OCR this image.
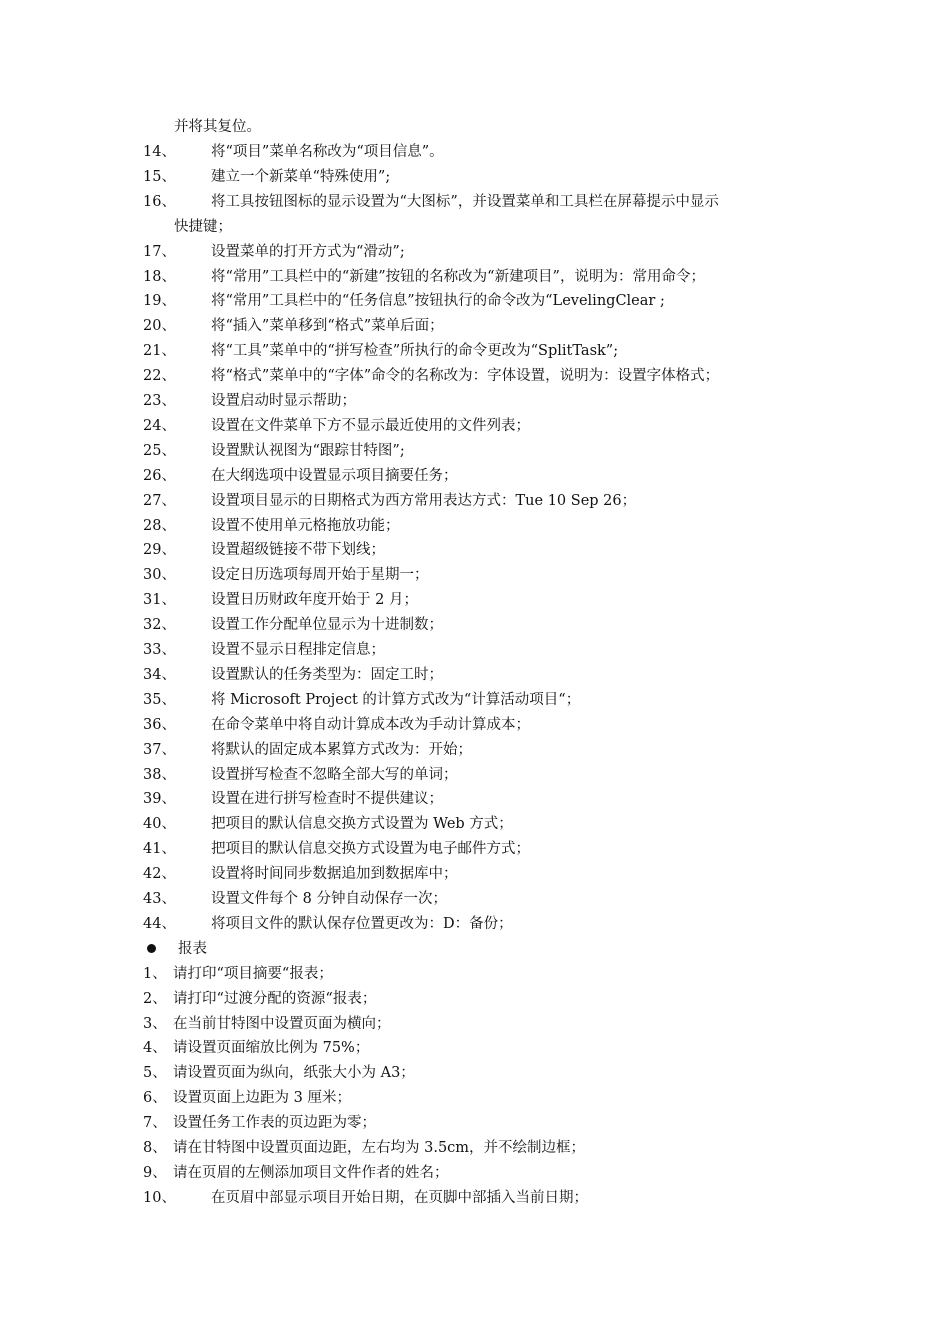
并将其复位。
14、 将“项目”菜单名称改为“项目信息”。
15、 建立一个新菜单“特殊使用”;
16、 将工具按钮图标的显示设置为“大图标”，并设置菜单和工具栏在屏幕提示中显示
快捷键；
17、 设置菜单的打开方式为“滑动”;
18、 将“常用”工具栏中的“新建”按钮的名称改为“新建项目”，说明为：常用命令；
19、 将“常用”工具栏中的“任务信息”按钮执行的命令改为“LevelingClear ;
20、 将“插入”菜单移到“格式”菜单后面；
21、 将“工具”菜单中的“拼写检查”所执行的命令更改为“SplitTask”;
22、 将“格式”菜单中的“字体”命令的名称改为：字体设置，说明为：设置字体格式；
23、 设置启动时显示帮助；
24、 设置在文件菜单下方不显示最近使用的文件列表；
25、 设置默认视图为“跟踪甘特图”;
26、 在大纲选项中设置显示项目摘要任务；
27、 设置项目显示的日期格式为西方常用表达方式：Tue 10 Sep 26；
28、 设置不使用单元格拖放功能；
29、 设置超级链接不带下划线；
30、 设定日历选项每周开始于星期一；
31、 设置日历财政年度开始于 2 月；
32、 设置工作分配单位显示为十进制数；
33、 设置不显示日程排定信息；
34、 设置默认的任务类型为：固定工时；
35、 将 Microsoft Project 的计算方式改为“计算活动项目“；
36、 在命令菜单中将自动计算成本改为手动计算成本；
37、 将默认的固定成本累算方式改为：开始；
38、 设置拼写检查不忽略全部大写的单词；
39、 设置在进行拼写检查时不提供建议；
40、 把项目的默认信息交换方式设置为 Web 方式；
41、 把项目的默认信息交换方式设置为电子邮件方式；
42、 设置将时间同步数据追加到数据库中；
43、 设置文件每个 8 分钟自动保存一次；
44、 将项目文件的默认保存位置更改为：D：备份；
报表
1、 请打印“项目摘要“报表；
2、 请打印“过渡分配的资源“报表；
3、 在当前甘特图中设置页面为横向；
4、 请设置页面缩放比例为 75%；
5、 请设置页面为纵向，纸张大小为 A3；
6、 设置页面上边距为 3 厘米；
7、 设置任务工作表的页边距为零；
8、 请在甘特图中设置页面边距，左右均为 3.5cm，并不绘制边框；
9、 请在页眉的左侧添加项目文件作者的姓名；
10、 在页眉中部显示项目开始日期，在页脚中部插入当前日期；
